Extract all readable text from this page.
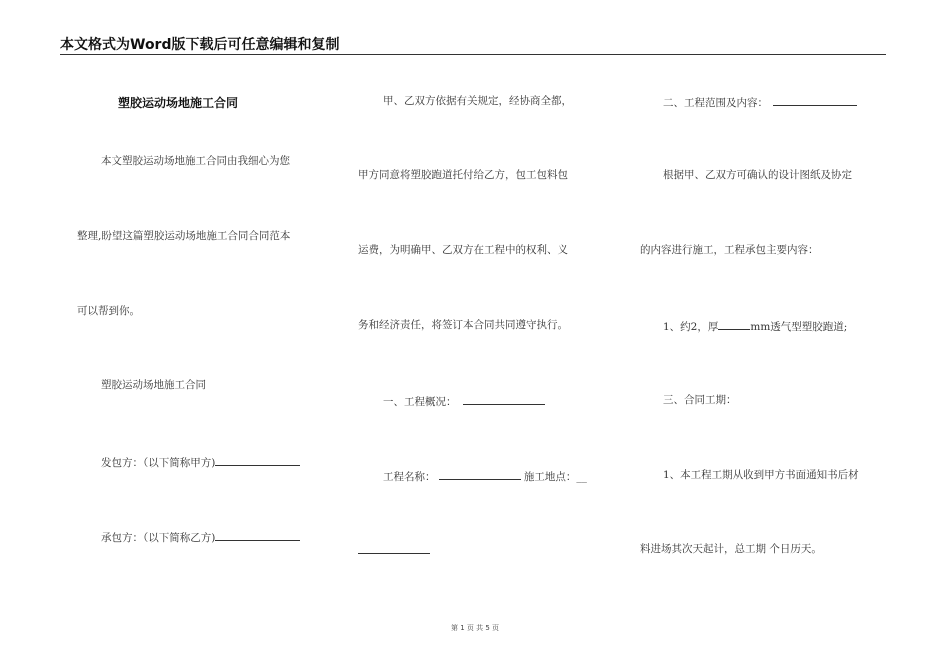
本文格式为Word版下载后可任意编辑和复制
塑胶运动场地施工合同
本文塑胶运动场地施工合同由我细心为您
整理,盼望这篇塑胶运动场地施工合同合同范本
可以帮到你。
塑胶运动场地施工合同
发包方：（以下简称甲方)
承包方：（以下简称乙方)
甲、乙双方依据有关规定，经协商全都，
甲方同意将塑胶跑道托付给乙方，包工包料包
运费，为明确甲、乙双方在工程中的权利、义
务和经济责任，将签订本合同共同遵守执行。
一、工程概况：
工程名称：	施工地点：__
二、工程范围及内容：
根据甲、乙双方可确认的设计图纸及协定
的内容进行施工，工程承包主要内容：
1、约2，厚	mm透气型塑胶跑道;
三、合同工期：
1、本工程工期从收到甲方书面通知书后材
料进场其次天起计，总工期 个日历天。
第 1 页 共 5 页
